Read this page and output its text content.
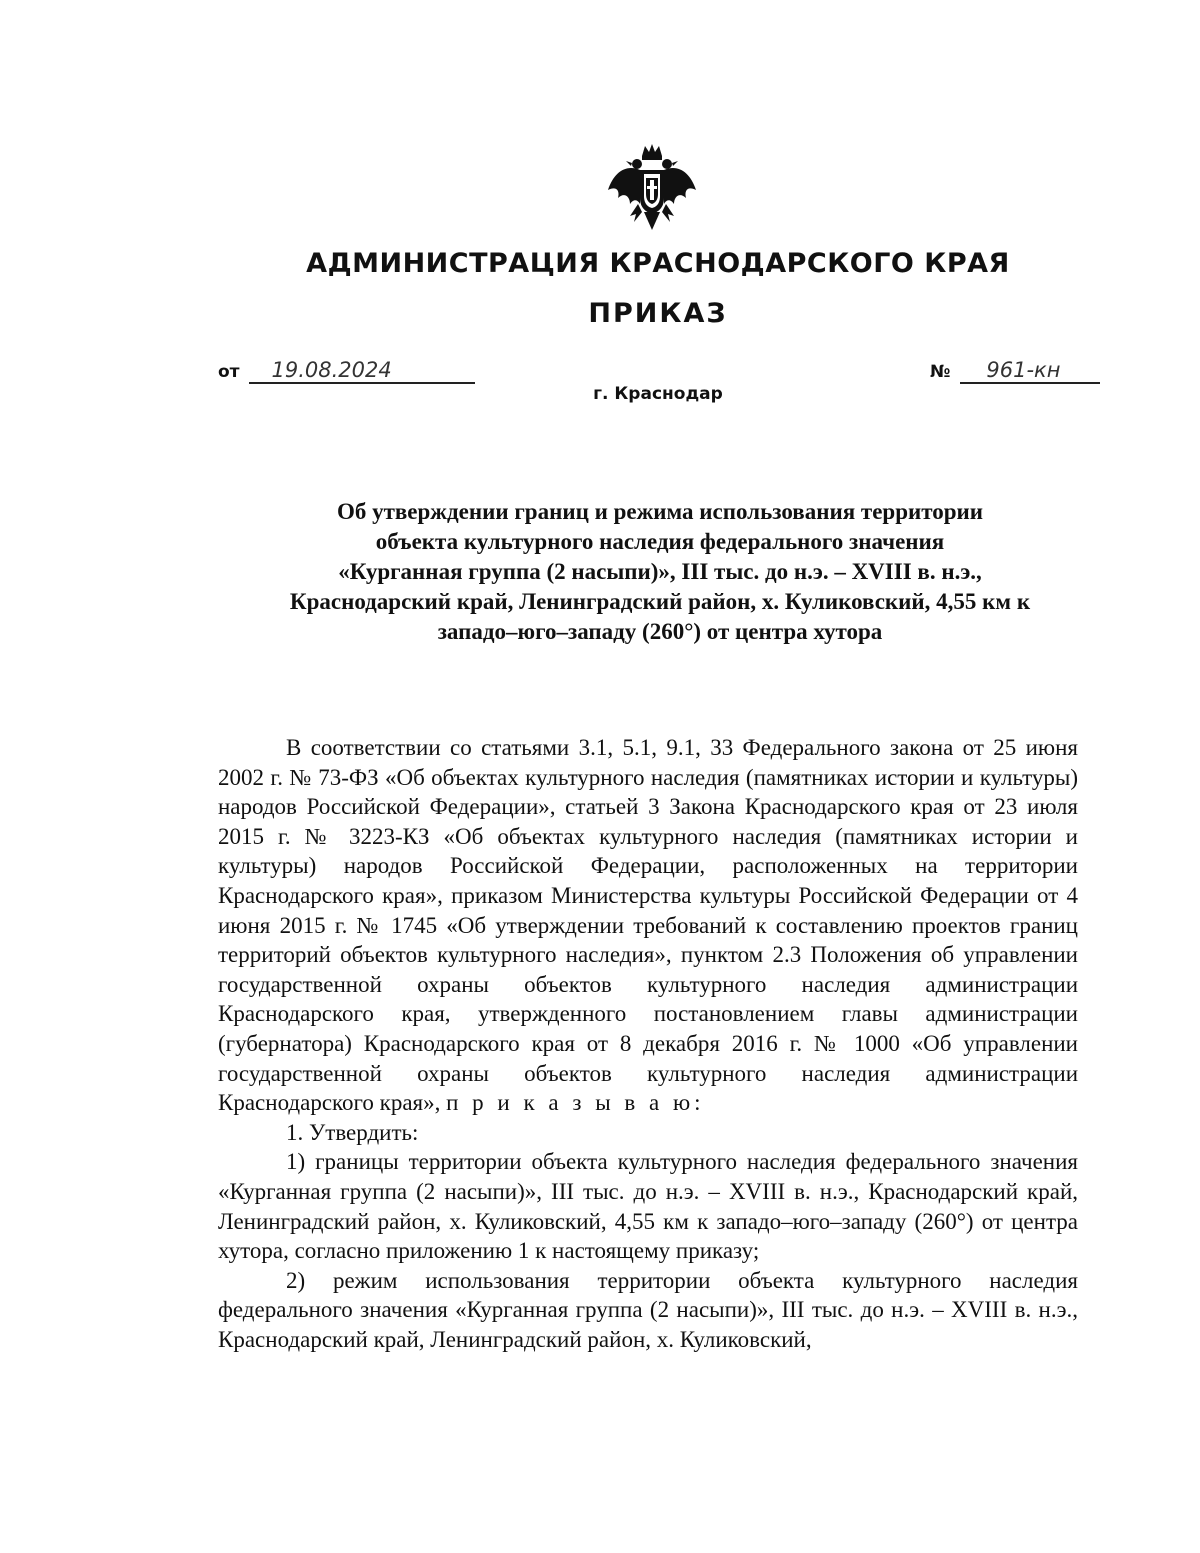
АДМИНИСТРАЦИЯ КРАСНОДАРСКОГО КРАЯ
ПРИКАЗ
от 19.08.2024	№ 961-кн
г. Краснодар
Об утверждении границ и режима использования территории
объекта культурного наследия федерального значения
«Курганная группа (2 насыпи)», III тыс. до н.э. – XVIII в. н.э.,
Краснодарский край, Ленинградский район, х. Куликовский, 4,55 км к
западо–юго–западу (260°) от центра хутора

В соответствии со статьями 3.1, 5.1, 9.1, 33 Федерального закона от 25 июня 2002 г. № 73-ФЗ «Об объектах культурного наследия (памятниках истории и культуры) народов Российской Федерации», статьей 3 Закона Краснодарского края от 23 июля 2015 г. № 3223-КЗ «Об объектах культурного наследия (памятниках истории и культуры) народов Российской Федерации, расположенных на территории Краснодарского края», приказом Министерства культуры Российской Федерации от 4 июня 2015 г. № 1745 «Об утверждении требований к составлению проектов границ территорий объектов культурного наследия», пунктом 2.3 Положения об управлении государственной охраны объектов культурного наследия администрации Краснодарского края, утвержденного постановлением главы администрации (губернатора) Краснодарского края от 8 декабря 2016 г. № 1000 «Об управлении государственной охраны объектов культурного наследия администрации Краснодарского края», п р и к а з ы в а ю:

1. Утвердить:

1) границы территории объекта культурного наследия федерального значения «Курганная группа (2 насыпи)», III тыс. до н.э. – XVIII в. н.э., Краснодарский край, Ленинградский район, х. Куликовский, 4,55 км к западо–юго–западу (260°) от центра хутора, согласно приложению 1 к настоящему приказу;

2) режим использования территории объекта культурного наследия федерального значения «Курганная группа (2 насыпи)», III тыс. до н.э. – XVIII в. н.э., Краснодарский край, Ленинградский район, х. Куликовский,
